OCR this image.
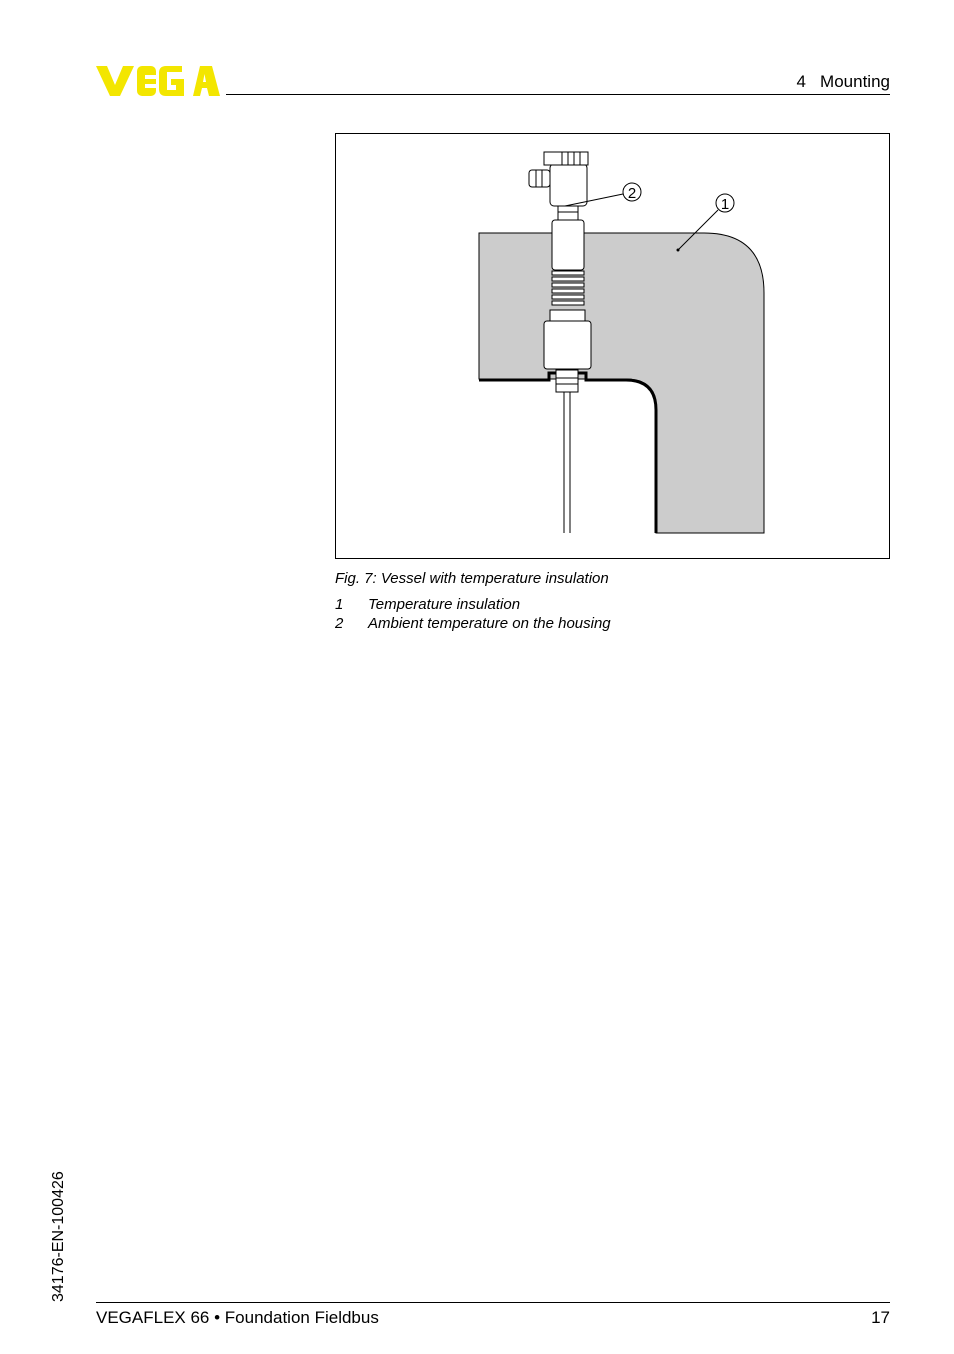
4   Mounting
1
2
Fig. 7: Vessel with temperature insulation
1	Temperature insulation
2	Ambient temperature on the housing
34176-EN-100426
VEGAFLEX 66 • Foundation Fieldbus	17
